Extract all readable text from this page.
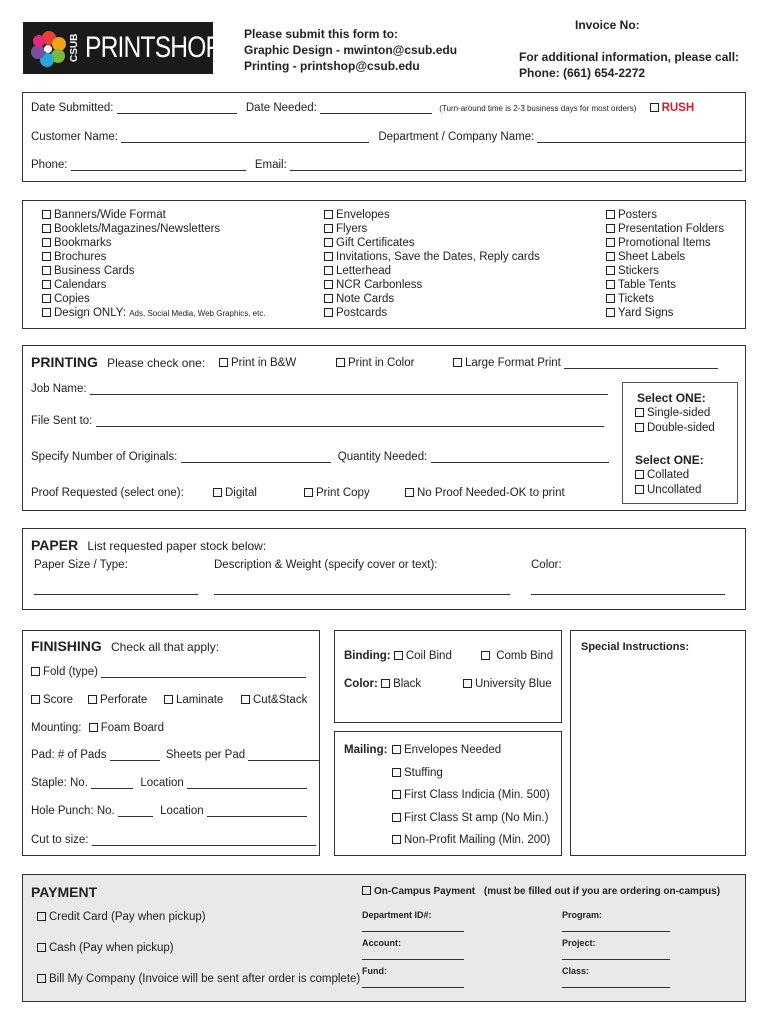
CSUB PRINTSHOP Please submit this form to:
Graphic Design - mwinton@csub.edu
Printing - printshop@csub.edu
Invoice No:
For additional information, please call:
Phone: (661) 654-2272
Date Submitted:	Date Needed:	(Turn-around time is 2-3 business days for most orders) RUSH
Customer Name:	Department / Company Name:
Phone:	Email:
Banners/Wide Format
Booklets/Magazines/Newsletters
Bookmarks
Brochures
Business Cards
Calendars
Copies
Design ONLY: Ads, Social Media, Web Graphics, etc.
Envelopes
Flyers
Gift Certificates
Invitations, Save the Dates, Reply cards
Letterhead
NCR Carbonless
Note Cards
Postcards
Posters
Presentation Folders
Promotional Items
Sheet Labels
Stickers
Table Tents
Tickets
Yard Signs
PRINTING Please check one:	Print in B&W	Print in Color	Large Format Print
Job Name:
File Sent to:
Specify Number of Originals:	Quantity Needed:
Proof Requested (select one):	Digital	Print Copy	No Proof Needed-OK to print
Select ONE:
Single-sided
Double-sided
Select ONE:
Collated
Uncollated
PAPER List requested paper stock below:
Paper Size / Type:	Description & Weight (specify cover or text):	Color:
FINISHING Check all that apply:
Fold (type)
Score	Perforate	Laminate	Cut&Stack
Mounting: Foam Board
Pad: # of Pads	Sheets per Pad
Staple: No.	Location
Hole Punch: No.	Location
Cut to size:
Binding: Coil Bind	Comb Bind
Color: Black	University Blue
Mailing:	Envelopes Needed
Stuffing
First Class Indicia (Min. 500)
First Class St amp (No Min.)
Non-Profit Mailing (Min. 200)
Special Instructions:
PAYMENT
Credit Card (Pay when pickup)
Cash (Pay when pickup)
Bill My Company (Invoice will be sent after order is complete)
On-Campus Payment (must be filled out if you are ordering on-campus)
Department ID#:	Program:
Account:	Project:
Fund:	Class:
